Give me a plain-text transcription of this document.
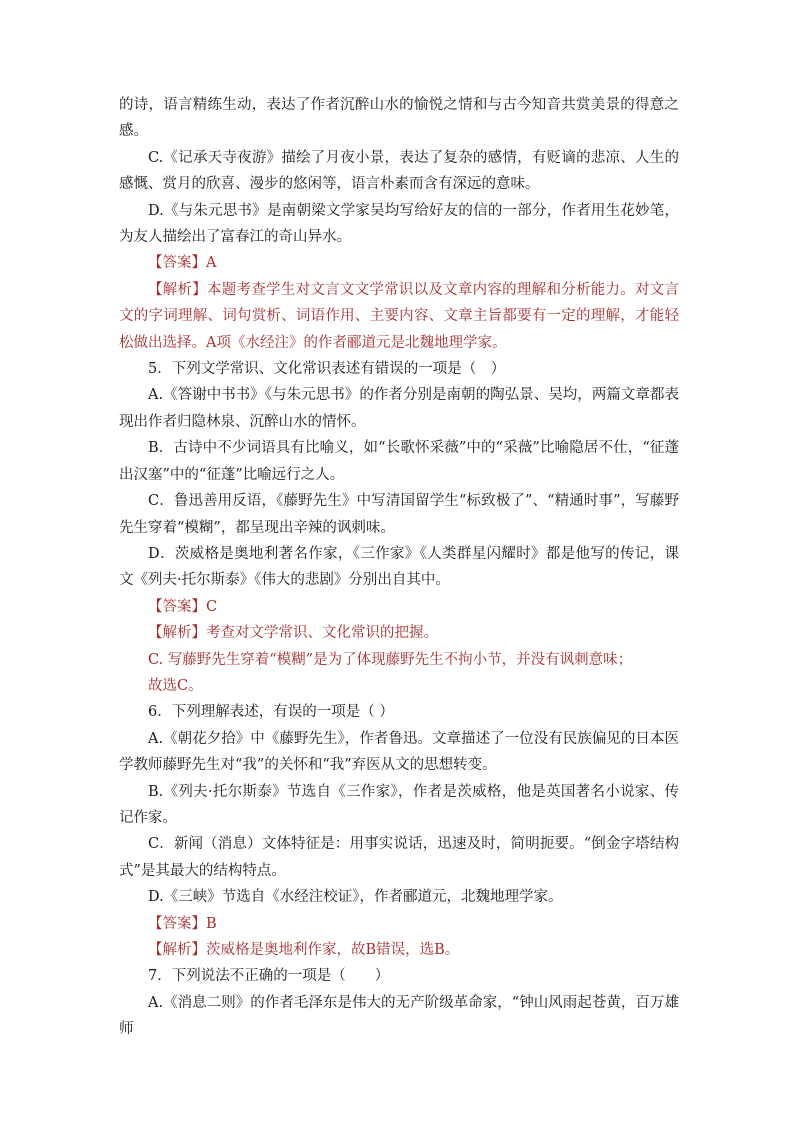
的诗，语言精练生动，表达了作者沉醉山水的愉悦之情和与古今知音共赏美景的得意之感。

C.《记承天寺夜游》描绘了月夜小景，表达了复杂的感情，有贬谪的悲凉、人生的感慨、赏月的欣喜、漫步的悠闲等，语言朴素而含有深远的意味。

D.《与朱元思书》是南朝梁文学家吴均写给好友的信的一部分，作者用生花妙笔，为友人描绘出了富春江的奇山异水。

【答案】A

【解析】本题考查学生对文言文文学常识以及文章内容的理解和分析能力。对文言文的字词理解、词句赏析、词语作用、主要内容、文章主旨都要有一定的理解，才能轻松做出选择。A项《水经注》的作者郦道元是北魏地理学家。

5．下列文学常识、文化常识表述有错误的一项是（　）

A.《答谢中书书》《与朱元思书》的作者分别是南朝的陶弘景、吴均，两篇文章都表现出作者归隐林泉、沉醉山水的情怀。

B．古诗中不少词语具有比喻义，如“长歌怀采薇”中的“采薇”比喻隐居不仕，“征蓬出汉塞”中的“征蓬”比喻远行之人。

C．鲁迅善用反语，《藤野先生》中写清国留学生“标致极了”、“精通时事”，写藤野先生穿着“模糊”，都呈现出辛辣的讽刺味。

D．茨威格是奥地利著名作家，《三作家》《人类群星闪耀时》都是他写的传记，课文《列夫·托尔斯泰》《伟大的悲剧》分别出自其中。

【答案】C

【解析】考查对文学常识、文化常识的把握。

C. 写藤野先生穿着“模糊”是为了体现藤野先生不拘小节，并没有讽刺意味；

故选C。

6．下列理解表述，有误的一项是（ ）

A.《朝花夕拾》中《藤野先生》，作者鲁迅。文章描述了一位没有民族偏见的日本医学教师藤野先生对“我”的关怀和“我”弃医从文的思想转变。

B.《列夫·托尔斯泰》节选自《三作家》，作者是茨威格，他是英国著名小说家、传记作家。

C．新闻（消息）文体特征是：用事实说话，迅速及时，简明扼要。“倒金字塔结构式”是其最大的结构特点。

D.《三峡》节选自《水经注校证》，作者郦道元，北魏地理学家。

【答案】B

【解析】茨威格是奥地利作家，故B错误，选B。

7．下列说法不正确的一项是（　　）

A.《消息二则》的作者毛泽东是伟大的无产阶级革命家，“钟山风雨起苍黄，百万雄师
